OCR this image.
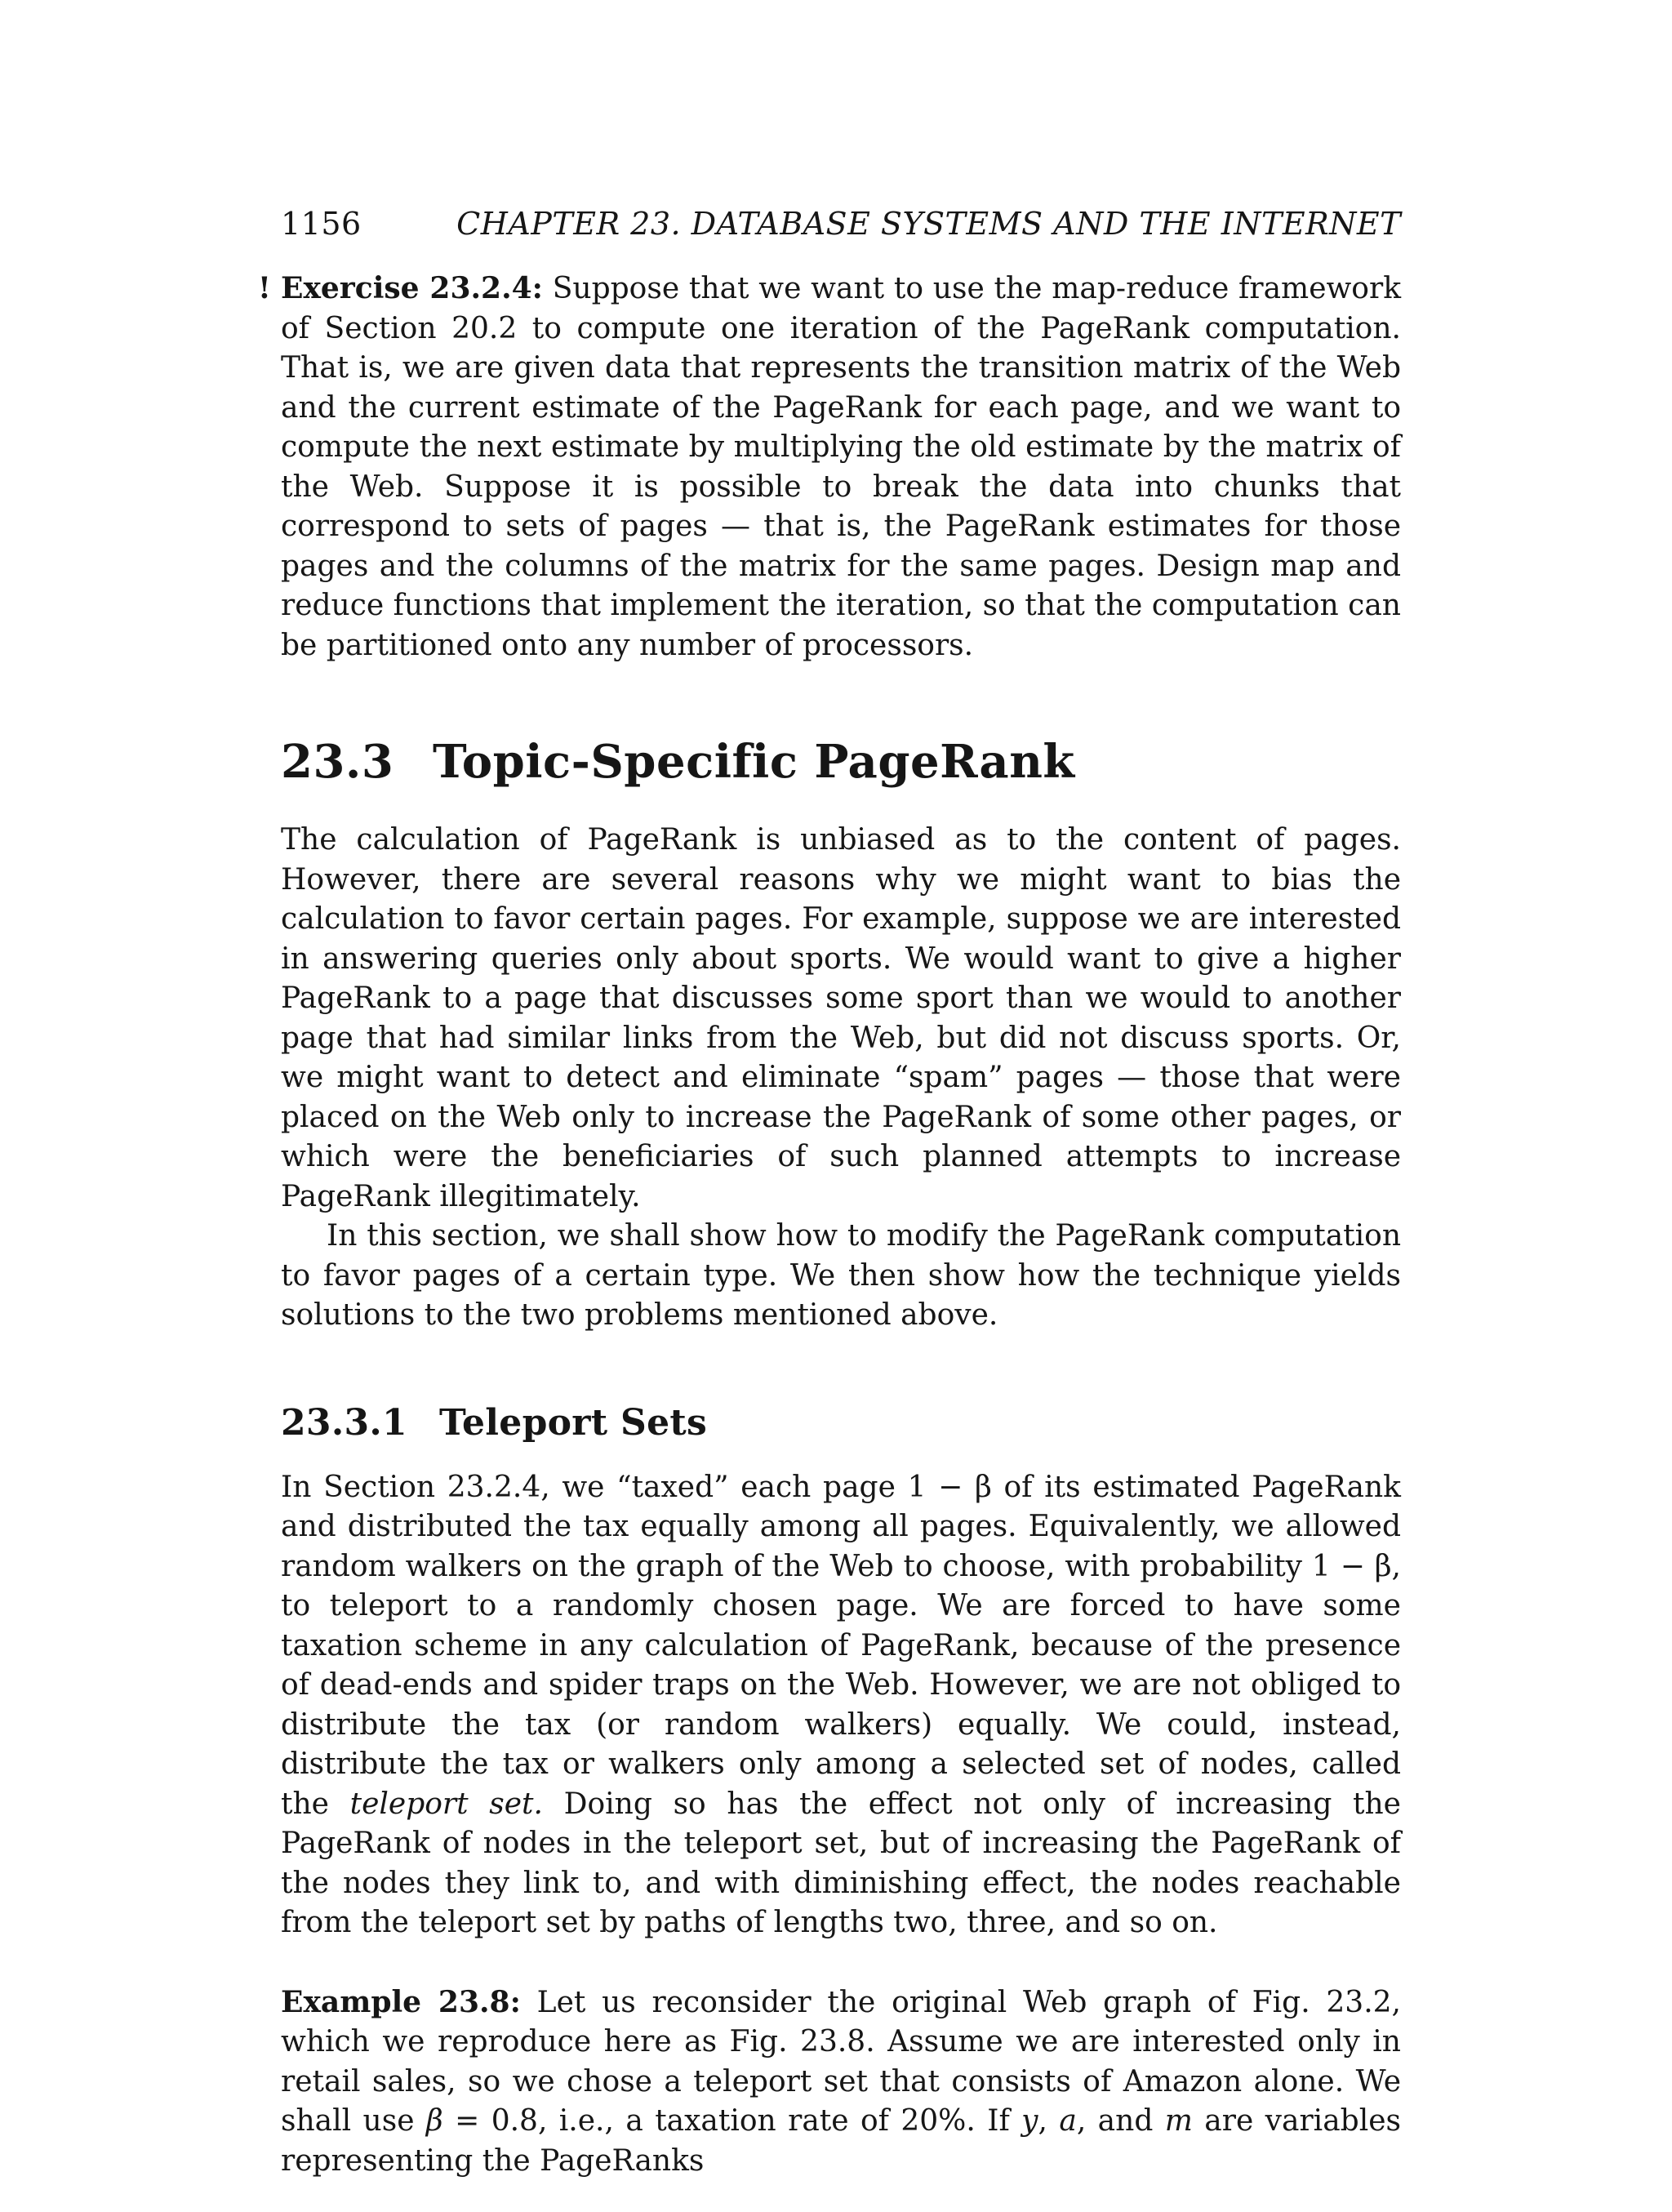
1156	CHAPTER 23. DATABASE SYSTEMS AND THE INTERNET

! Exercise 23.2.4: Suppose that we want to use the map-reduce framework of Section 20.2 to compute one iteration of the PageRank computation. That is, we are given data that represents the transition matrix of the Web and the current estimate of the PageRank for each page, and we want to compute the next estimate by multiplying the old estimate by the matrix of the Web. Suppose it is possible to break the data into chunks that correspond to sets of pages — that is, the PageRank estimates for those pages and the columns of the matrix for the same pages. Design map and reduce functions that implement the iteration, so that the computation can be partitioned onto any number of processors.

23.3 Topic-Specific PageRank

The calculation of PageRank is unbiased as to the content of pages. However, there are several reasons why we might want to bias the calculation to favor certain pages. For example, suppose we are interested in answering queries only about sports. We would want to give a higher PageRank to a page that discusses some sport than we would to another page that had similar links from the Web, but did not discuss sports. Or, we might want to detect and eliminate “spam” pages — those that were placed on the Web only to increase the PageRank of some other pages, or which were the beneficiaries of such planned attempts to increase PageRank illegitimately.

In this section, we shall show how to modify the PageRank computation to favor pages of a certain type. We then show how the technique yields solutions to the two problems mentioned above.

23.3.1 Teleport Sets

In Section 23.2.4, we “taxed” each page 1 − β of its estimated PageRank and distributed the tax equally among all pages. Equivalently, we allowed random walkers on the graph of the Web to choose, with probability 1 − β, to teleport to a randomly chosen page. We are forced to have some taxation scheme in any calculation of PageRank, because of the presence of dead-ends and spider traps on the Web. However, we are not obliged to distribute the tax (or random walkers) equally. We could, instead, distribute the tax or walkers only among a selected set of nodes, called the teleport set. Doing so has the effect not only of increasing the PageRank of nodes in the teleport set, but of increasing the PageRank of the nodes they link to, and with diminishing effect, the nodes reachable from the teleport set by paths of lengths two, three, and so on.

Example 23.8: Let us reconsider the original Web graph of Fig. 23.2, which we reproduce here as Fig. 23.8. Assume we are interested only in retail sales, so we chose a teleport set that consists of Amazon alone. We shall use β = 0.8, i.e., a taxation rate of 20%. If y, a, and m are variables representing the PageRanks
